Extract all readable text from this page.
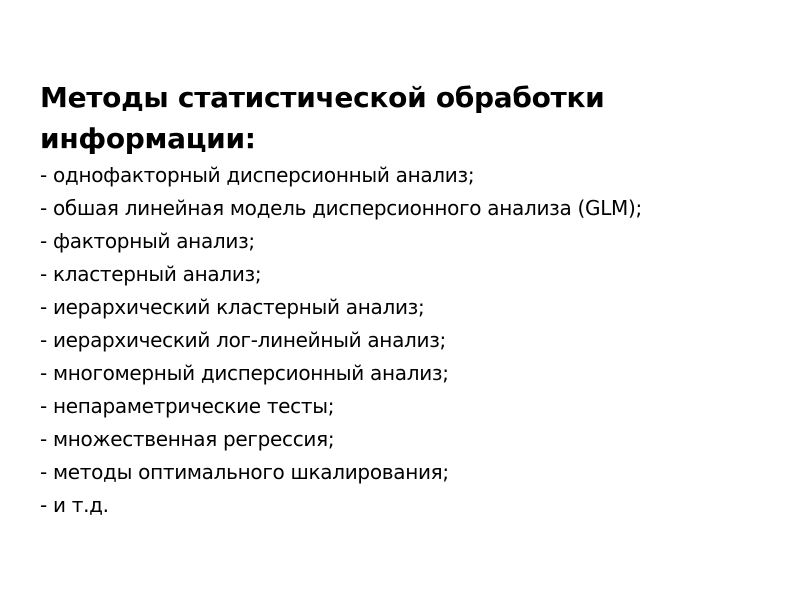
Методы статистической обработки информации:
- однофакторный дисперсионный анализ;
- обшая линейная модель дисперсионного анализа (GLM);
- факторный анализ;
- кластерный анализ;
- иерархический кластерный анализ;
- иерархический лог-линейный анализ;
- многомерный дисперсионный анализ;
- непараметрические тесты;
- множественная регрессия;
- методы оптимального шкалирования;
- и т.д.
